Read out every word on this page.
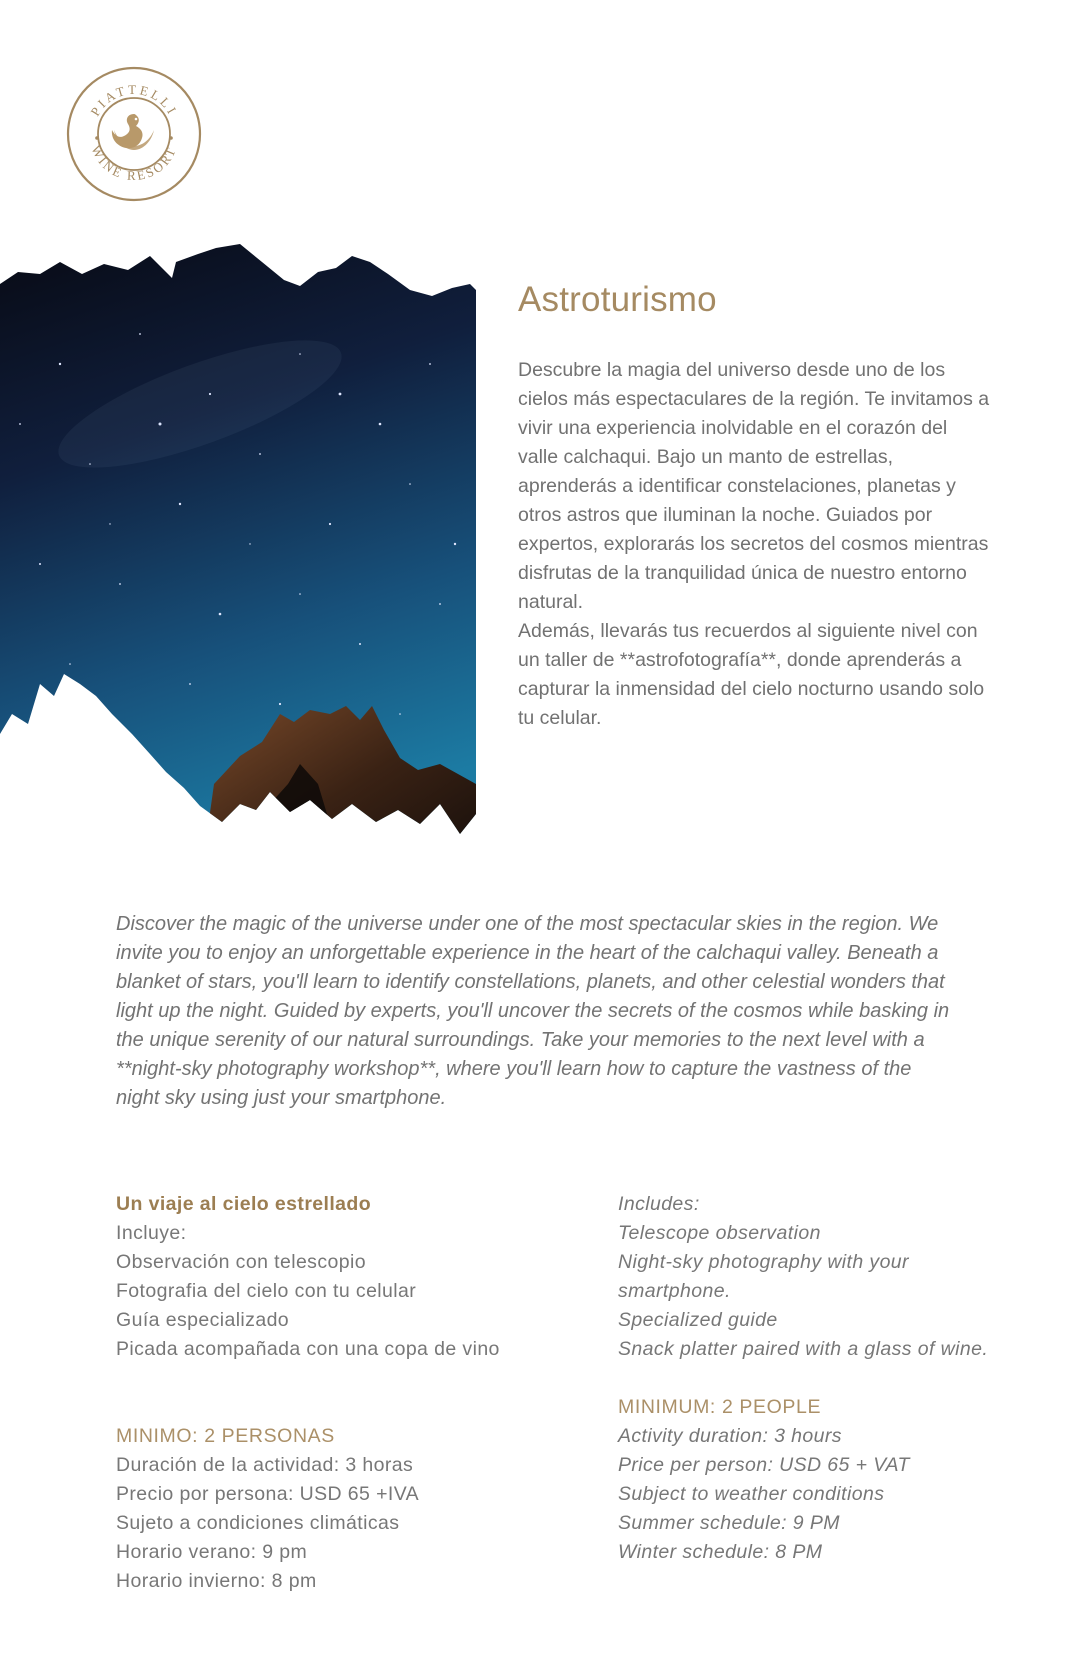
PIATTELLI
WINE RESORT
Astroturismo

Descubre la magia del universo desde uno de los cielos más espectaculares de la región. Te invitamos a vivir una experiencia inolvidable en el corazón del valle calchaqui. Bajo un manto de estrellas, aprenderás a identificar constelaciones, planetas y otros astros que iluminan la noche. Guiados por expertos, explorarás los secretos del cosmos mientras disfrutas de la tranquilidad única de nuestro entorno natural.

Además, llevarás tus recuerdos al siguiente nivel con un taller de **astrofotografía**, donde aprenderás a capturar la inmensidad del cielo nocturno usando solo tu celular.

Discover the magic of the universe under one of the most spectacular skies in the region. We invite you to enjoy an unforgettable experience in the heart of the calchaqui valley. Beneath a blanket of stars, you'll learn to identify constellations, planets, and other celestial wonders that light up the night. Guided by experts, you'll uncover the secrets of the cosmos while basking in the unique serenity of our natural surroundings. Take your memories to the next level with a **night-sky photography workshop**, where you'll learn how to capture the vastness of the night sky using just your smartphone.
Un viaje al cielo estrellado
Incluye:
Observación con telescopio
Fotografia del cielo con tu celular
Guía especializado
Picada acompañada con una copa de vino
MINIMO: 2 PERSONAS
Duración de la actividad: 3 horas
Precio por persona: USD 65 +IVA
Sujeto a condiciones climáticas
Horario verano: 9 pm
Horario invierno: 8 pm
Includes:
Telescope observation
Night-sky photography with your smartphone.
Specialized guide
Snack platter paired with a glass of wine.
MINIMUM: 2 PEOPLE
Activity duration: 3 hours
Price per person: USD 65 + VAT
Subject to weather conditions
Summer schedule: 9 PM
Winter schedule: 8 PM
